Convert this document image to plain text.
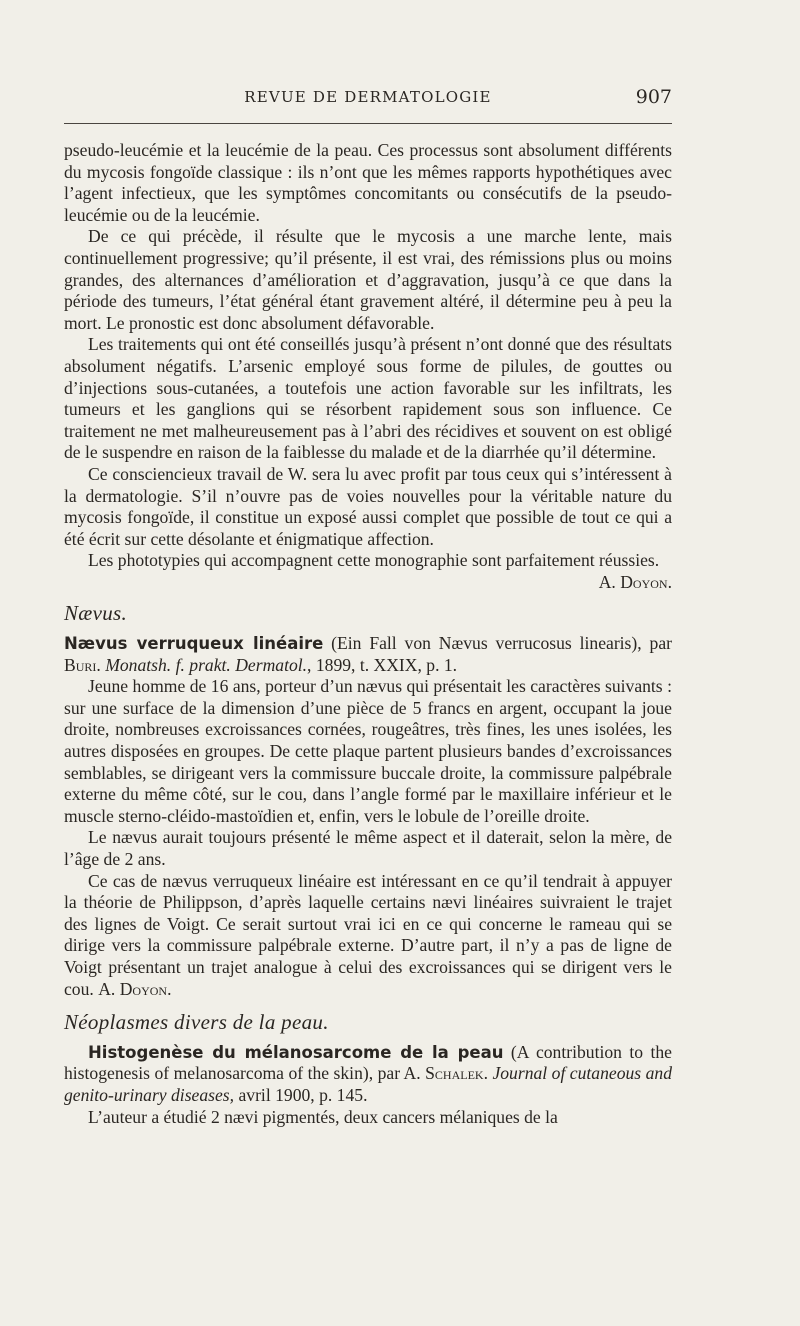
REVUE DE DERMATOLOGIE	907

pseudo-leucémie et la leucémie de la peau. Ces processus sont absolument différents du mycosis fongoïde classique : ils n’ont que les mêmes rapports hypothétiques avec l’agent infectieux, que les symptômes concomitants ou consécutifs de la pseudo-leucémie ou de la leucémie.

De ce qui précède, il résulte que le mycosis a une marche lente, mais continuellement progressive; qu’il présente, il est vrai, des rémissions plus ou moins grandes, des alternances d’amélioration et d’aggravation, jusqu’à ce que dans la période des tumeurs, l’état général étant gravement altéré, il détermine peu à peu la mort. Le pronostic est donc absolument défavorable.

Les traitements qui ont été conseillés jusqu’à présent n’ont donné que des résultats absolument négatifs. L’arsenic employé sous forme de pilules, de gouttes ou d’injections sous-cutanées, a toutefois une action favorable sur les infiltrats, les tumeurs et les ganglions qui se résorbent rapidement sous son influence. Ce traitement ne met malheureusement pas à l’abri des récidives et souvent on est obligé de le suspendre en raison de la faiblesse du malade et de la diarrhée qu’il détermine.

Ce consciencieux travail de W. sera lu avec profit par tous ceux qui s’intéressent à la dermatologie. S’il n’ouvre pas de voies nouvelles pour la véritable nature du mycosis fongoïde, il constitue un exposé aussi complet que possible de tout ce qui a été écrit sur cette désolante et énigmatique affection.

Les phototypies qui accompagnent cette monographie sont parfaitement réussies.
A. Doyon.

Nævus.

Nævus verruqueux linéaire (Ein Fall von Nævus verrucosus linearis), par Buri. Monatsh. f. prakt. Dermatol., 1899, t. XXIX, p. 1.

Jeune homme de 16 ans, porteur d’un nævus qui présentait les caractères suivants : sur une surface de la dimension d’une pièce de 5 francs en argent, occupant la joue droite, nombreuses excroissances cornées, rougeâtres, très fines, les unes isolées, les autres disposées en groupes. De cette plaque partent plusieurs bandes d’excroissances semblables, se dirigeant vers la commissure buccale droite, la commissure palpébrale externe du même côté, sur le cou, dans l’angle formé par le maxillaire inférieur et le muscle sterno-cléido-mastoïdien et, enfin, vers le lobule de l’oreille droite.

Le nævus aurait toujours présenté le même aspect et il daterait, selon la mère, de l’âge de 2 ans.

Ce cas de nævus verruqueux linéaire est intéressant en ce qu’il tendrait à appuyer la théorie de Philippson, d’après laquelle certains nævi linéaires suivraient le trajet des lignes de Voigt. Ce serait surtout vrai ici en ce qui concerne le rameau qui se dirige vers la commissure palpébrale externe. D’autre part, il n’y a pas de ligne de Voigt présentant un trajet analogue à celui des excroissances qui se dirigent vers le cou. A. Doyon.

Néoplasmes divers de la peau.

Histogenèse du mélanosarcome de la peau (A contribution to the histogenesis of melanosarcoma of the skin), par A. Schalek. Journal of cutaneous and genito-urinary diseases, avril 1900, p. 145.

L’auteur a étudié 2 nævi pigmentés, deux cancers mélaniques de la
